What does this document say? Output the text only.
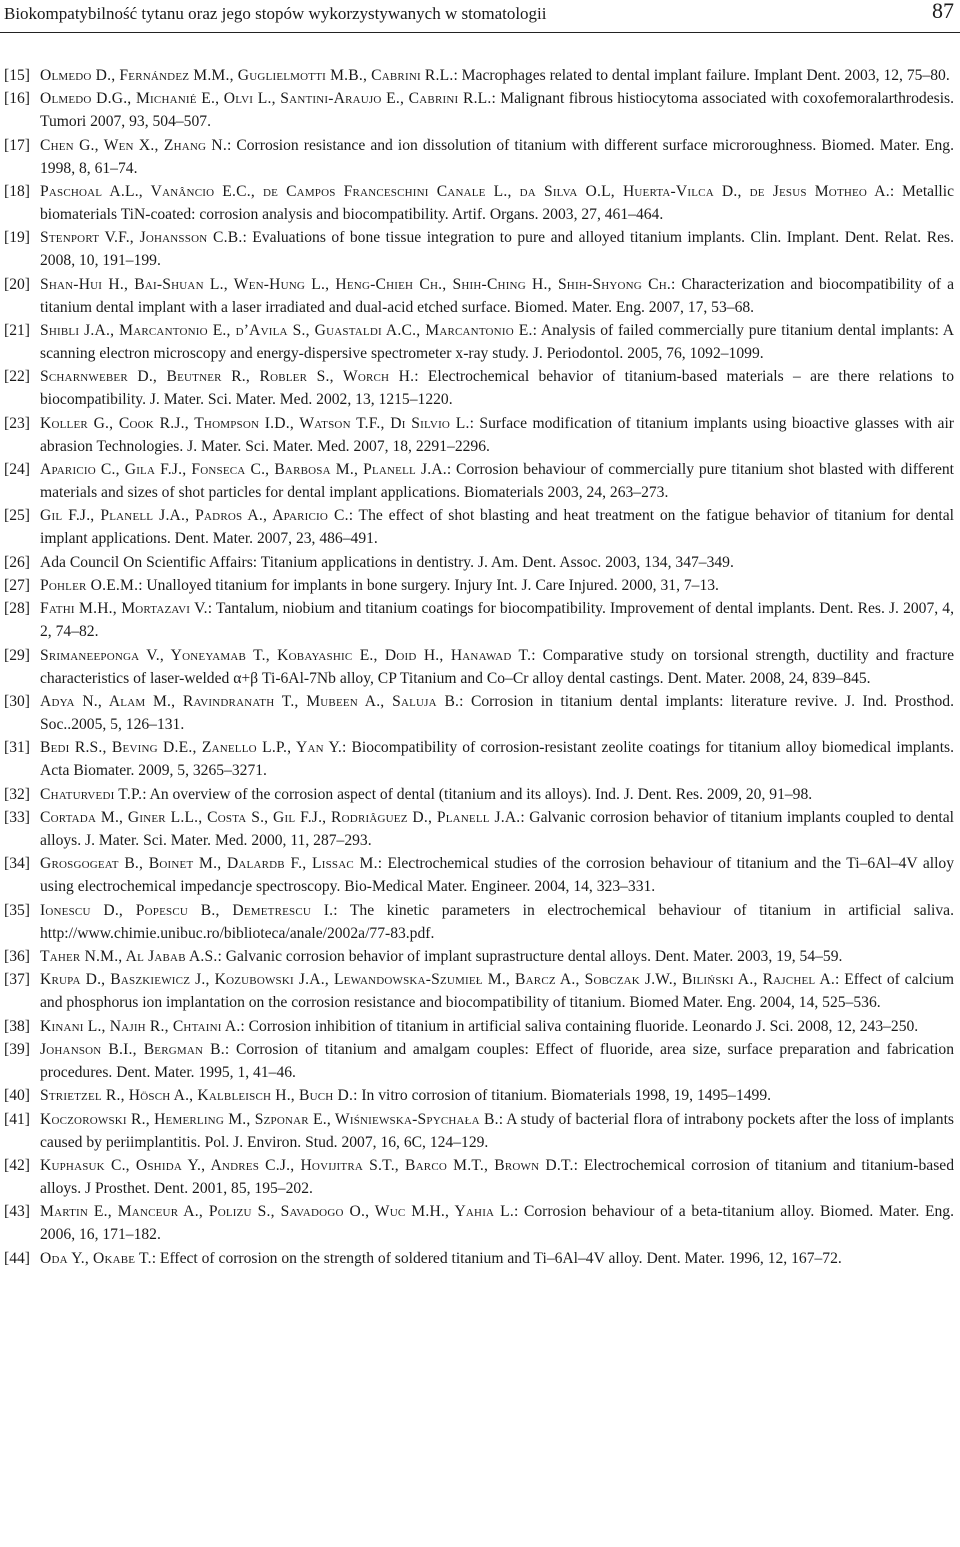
Biokompatybilność tytanu oraz jego stopów wykorzystywanych w stomatologii	87
[15] Olmedo D., Fernández M.M., Guglielmotti M.B., Cabrini R.L.: Macrophages related to dental implant failure. Implant Dent. 2003, 12, 75–80.
[16] Olmedo D.G., Michanié E., Olvi L., Santini-Araujo E., Cabrini R.L.: Malignant fibrous histiocytoma associated with coxofemoralarthrodesis. Tumori 2007, 93, 504–507.
[17] Chen G., Wen X., Zhang N.: Corrosion resistance and ion dissolution of titanium with different surface microroughness. Biomed. Mater. Eng. 1998, 8, 61–74.
[18] Paschoal A.L., Vanâncio E.C., de Campos Franceschini Canale L., da Silva O.L, Huerta-Vilca D., de Jesus Motheo A.: Metallic biomaterials TiN-coated: corrosion analysis and biocompatibility. Artif. Organs. 2003, 27, 461–464.
[19] Stenport V.F., Johansson C.B.: Evaluations of bone tissue integration to pure and alloyed titanium implants. Clin. Implant. Dent. Relat. Res. 2008, 10, 191–199.
[20] Shan-Hui H., Bai-Shuan L., Wen-Hung L., Heng-Chieh Ch., Shih-Ching H., Shih-Shyong Ch.: Characterization and biocompatibility of a titanium dental implant with a laser irradiated and dual-acid etched surface. Biomed. Mater. Eng. 2007, 17, 53–68.
[21] Shibli J.A., Marcantonio E., d’Avila S., Guastaldi A.C., Marcantonio E.: Analysis of failed commercially pure titanium dental implants: A scanning electron microscopy and energy-dispersive spectrometer x-ray study. J. Periodontol. 2005, 76, 1092–1099.
[22] Scharnweber D., Beutner R., Robler S., Worch H.: Electrochemical behavior of titanium-based materials – are there relations to biocompatibility. J. Mater. Sci. Mater. Med. 2002, 13, 1215–1220.
[23] Koller G., Cook R.J., Thompson I.D., Watson T.F., Di Silvio L.: Surface modification of titanium implants using bioactive glasses with air abrasion Technologies. J. Mater. Sci. Mater. Med. 2007, 18, 2291–2296.
[24] Aparicio C., Gila F.J., Fonseca C., Barbosa M., Planell J.A.: Corrosion behaviour of commercially pure titanium shot blasted with different materials and sizes of shot particles for dental implant applications. Biomaterials 2003, 24, 263–273.
[25] Gil F.J., Planell J.A., Padros A., Aparicio C.: The effect of shot blasting and heat treatment on the fatigue behavior of titanium for dental implant applications. Dent. Mater. 2007, 23, 486–491.
[26] Ada Council On Scientific Affairs: Titanium applications in dentistry. J. Am. Dent. Assoc. 2003, 134, 347–349.
[27] Pohler O.E.M.: Unalloyed titanium for implants in bone surgery. Injury Int. J. Care Injured. 2000, 31, 7–13.
[28] Fathi M.H., Mortazavi V.: Tantalum, niobium and titanium coatings for biocompatibility. Improvement of dental implants. Dent. Res. J. 2007, 4, 2, 74–82.
[29] Srimaneeponga V., Yoneyamab T., Kobayashic E., Doid H., Hanawad T.: Comparative study on torsional strength, ductility and fracture characteristics of laser-welded α+β Ti-6Al-7Nb alloy, CP Titanium and Co–Cr alloy dental castings. Dent. Mater. 2008, 24, 839–845.
[30] Adya N., Alam M., Ravindranath T., Mubeen A., Saluja B.: Corrosion in titanium dental implants: literature revive. J. Ind. Prosthod. Soc..2005, 5, 126–131.
[31] Bedi R.S., Beving D.E., Zanello L.P., Yan Y.: Biocompatibility of corrosion-resistant zeolite coatings for titanium alloy biomedical implants. Acta Biomater. 2009, 5, 3265–3271.
[32] Chaturvedi T.P.: An overview of the corrosion aspect of dental (titanium and its alloys). Ind. J. Dent. Res. 2009, 20, 91–98.
[33] Cortada M., Giner L.L., Costa S., Gil F.J., Rodriâguez D., Planell J.A.: Galvanic corrosion behavior of titanium implants coupled to dental alloys. J. Mater. Sci. Mater. Med. 2000, 11, 287–293.
[34] Grosgogeat B., Boinet M., Dalardb F., Lissac M.: Electrochemical studies of the corrosion behaviour of titanium and the Ti–6Al–4V alloy using electrochemical impedancje spectroscopy. Bio-Medical Mater. Engineer. 2004, 14, 323–331.
[35] Ionescu D., Popescu B., Demetrescu I.: The kinetic parameters in electrochemical behaviour of titanium in artificial saliva. http://www.chimie.unibuc.ro/biblioteca/anale/2002a/77-83.pdf.
[36] Taher N.M., Al Jabab A.S.: Galvanic corrosion behavior of implant suprastructure dental alloys. Dent. Mater. 2003, 19, 54–59.
[37] Krupa D., Baszkiewicz J., Kozubowski J.A., Lewandowska-Szumieł M., Barcz A., Sobczak J.W., Biliński A., Rajchel A.: Effect of calcium and phosphorus ion implantation on the corrosion resistance and biocompatibility of titanium. Biomed Mater. Eng. 2004, 14, 525–536.
[38] Kinani L., Najih R., Chtaini A.: Corrosion inhibition of titanium in artificial saliva containing fluoride. Leonardo J. Sci. 2008, 12, 243–250.
[39] Johanson B.I., Bergman B.: Corrosion of titanium and amalgam couples: Effect of fluoride, area size, surface preparation and fabrication procedures. Dent. Mater. 1995, 1, 41–46.
[40] Strietzel R., Hösch A., Kalbleisch H., Buch D.: In vitro corrosion of titanium. Biomaterials 1998, 19, 1495–1499.
[41] Koczorowski R., Hemerling M., Szponar E., Wiśniewska-Spychała B.: A study of bacterial flora of intrabony pockets after the loss of implants caused by periimplantitis. Pol. J. Environ. Stud. 2007, 16, 6C, 124–129.
[42] Kuphasuk C., Oshida Y., Andres C.J., Hovijitra S.T., Barco M.T., Brown D.T.: Electrochemical corrosion of titanium and titanium-based alloys. J Prosthet. Dent. 2001, 85, 195–202.
[43] Martin E., Manceur A., Polizu S., Savadogo O., Wuc M.H., Yahia L.: Corrosion behaviour of a beta-titanium alloy. Biomed. Mater. Eng. 2006, 16, 171–182.
[44] Oda Y., Okabe T.: Effect of corrosion on the strength of soldered titanium and Ti–6Al–4V alloy. Dent. Mater. 1996, 12, 167–72.
